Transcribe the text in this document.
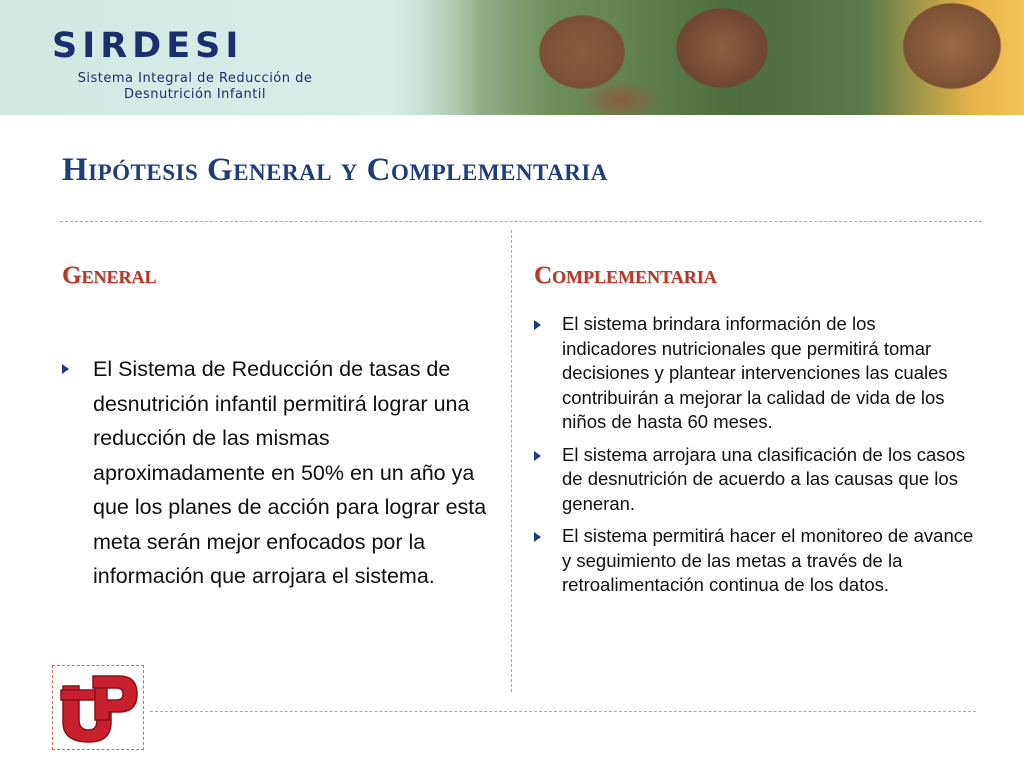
SIRDESI
Sistema Integral de Reducción de Desnutrición Infantil
Hipótesis General y Complementaria
General	Complementaria
El Sistema de Reducción de tasas de desnutrición infantil permitirá lograr una reducción de las mismas aproximadamente en 50% en un año ya que los planes de acción para lograr esta meta serán mejor enfocados por la información que arrojara el sistema.
El sistema brindara información de los indicadores nutricionales que permitirá tomar decisiones y plantear intervenciones las cuales contribuirán a mejorar la calidad de vida de los niños de hasta 60 meses.
El sistema arrojara una clasificación de los casos de desnutrición de acuerdo a las causas que los generan.
El sistema permitirá hacer el monitoreo de avance y seguimiento de las metas a través de la retroalimentación continua de los datos.
